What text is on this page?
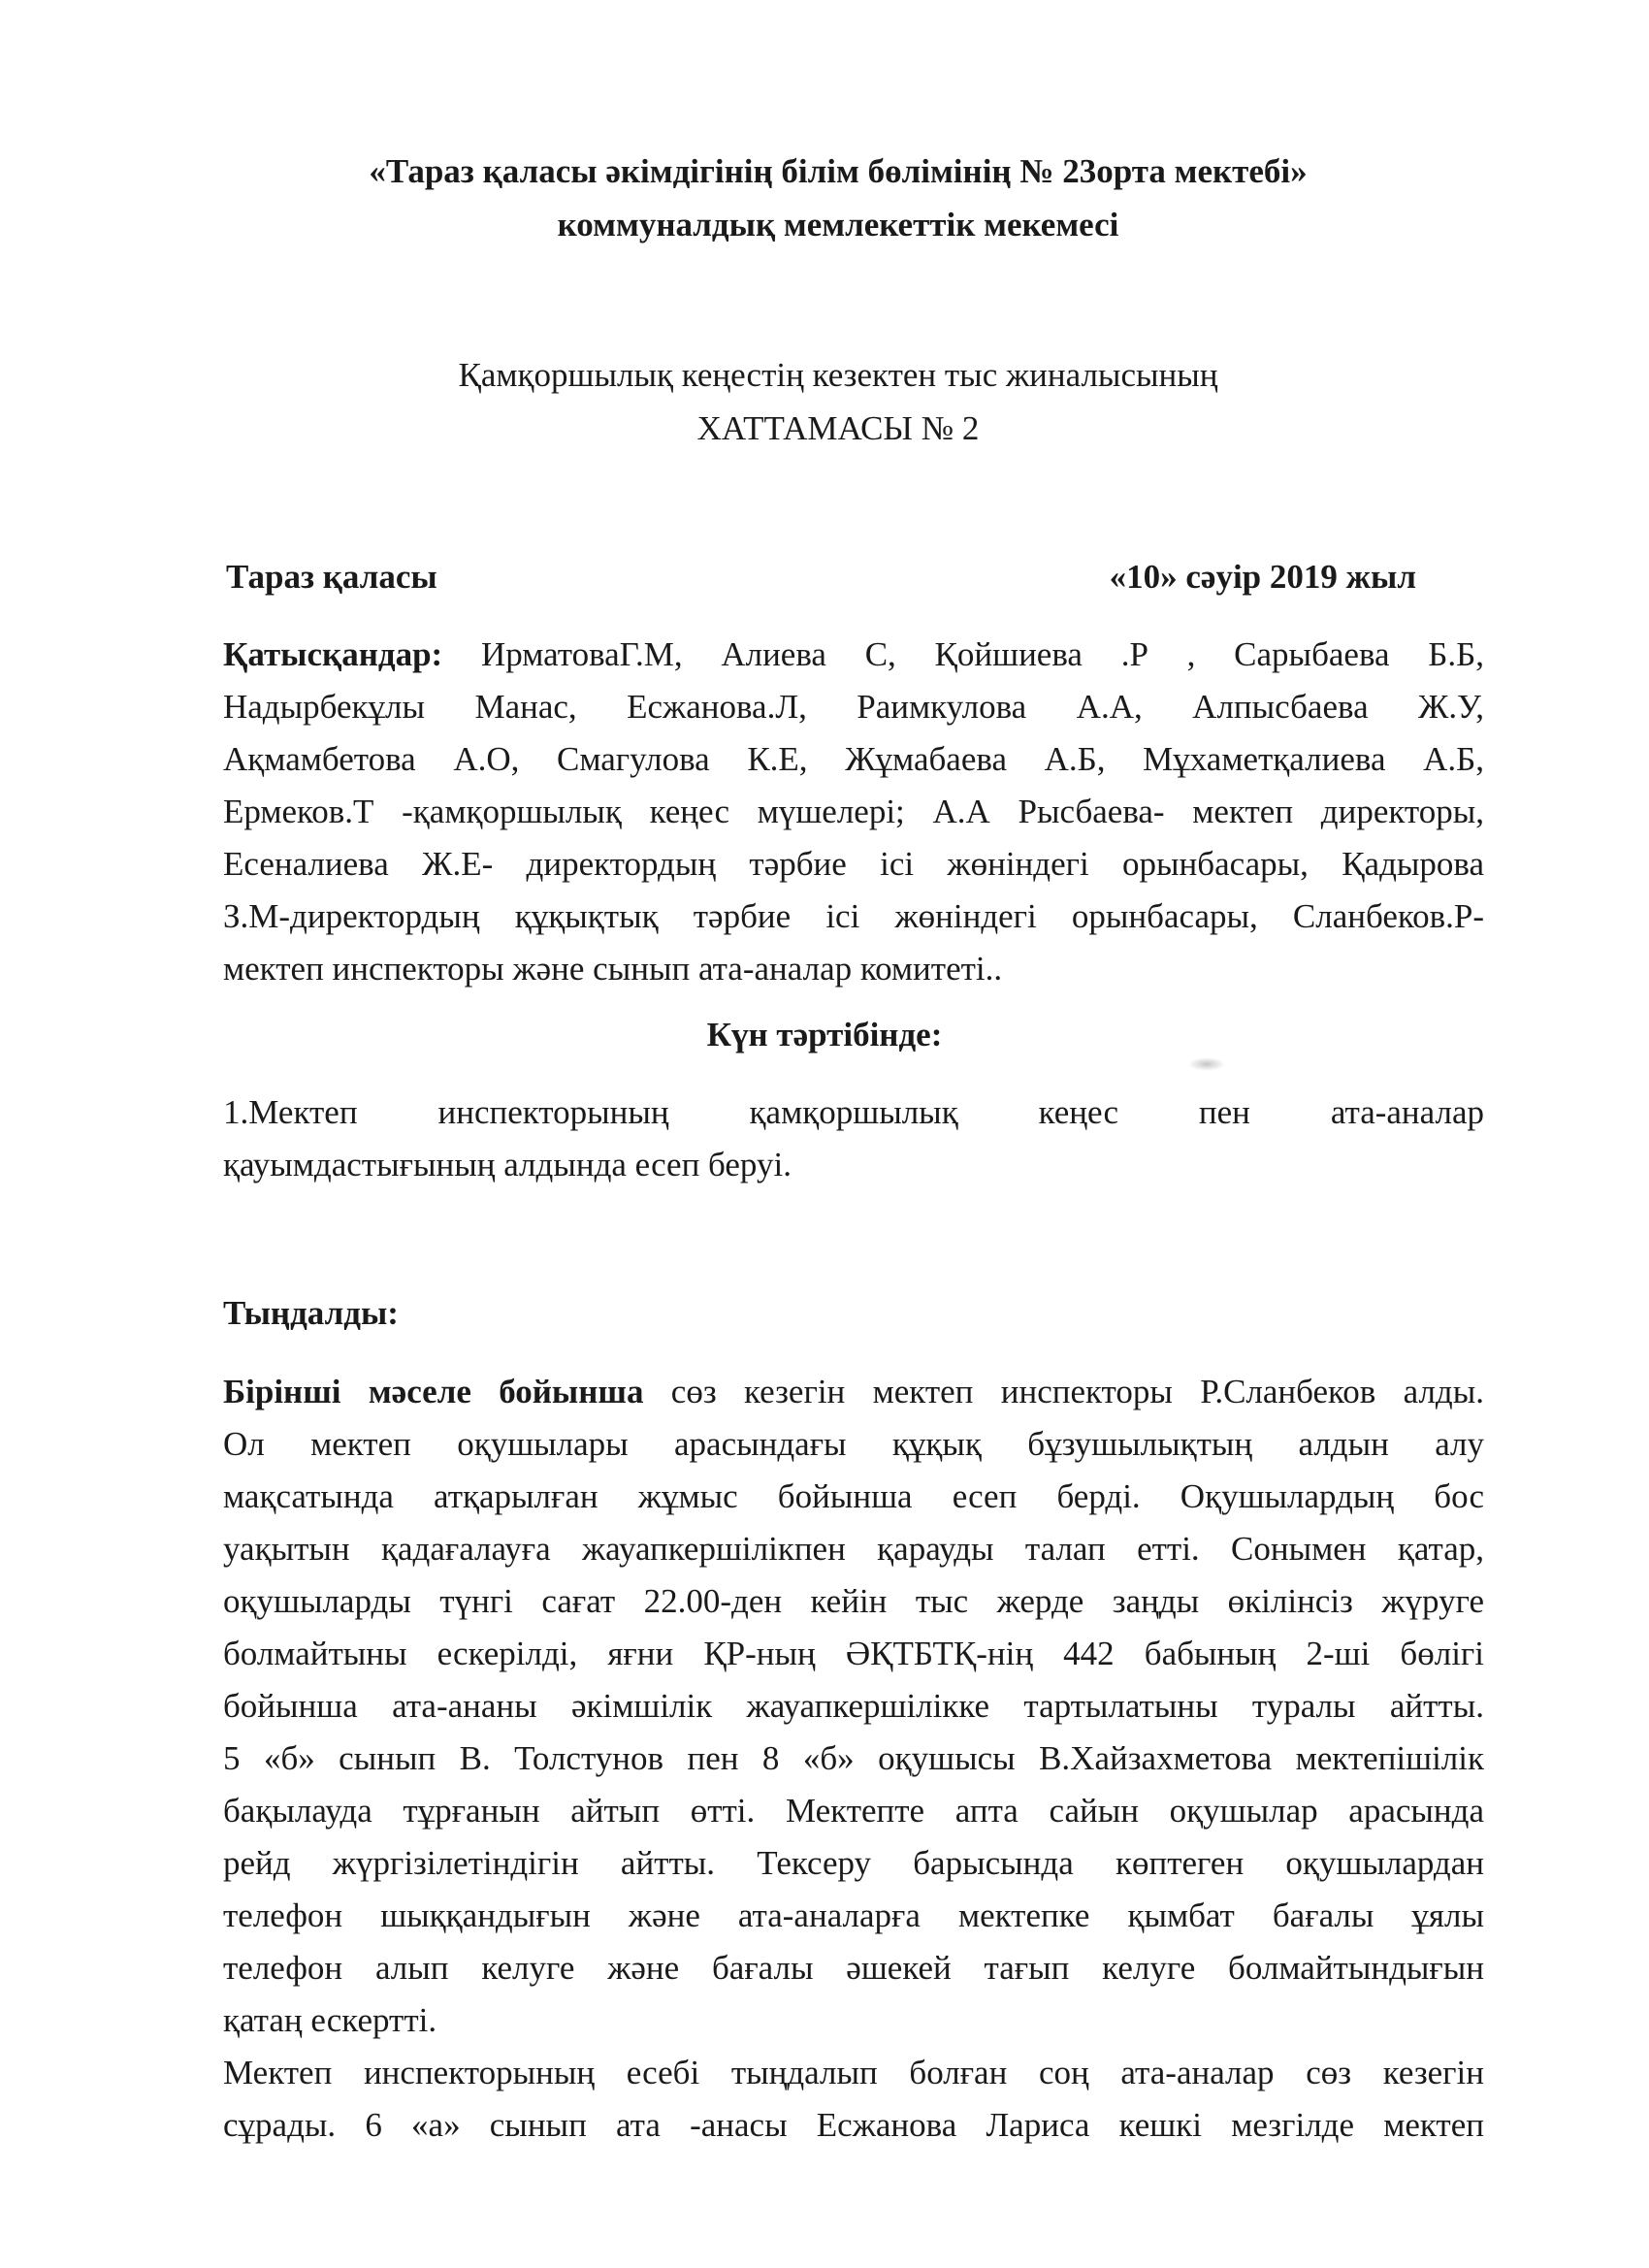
«Тараз қаласы әкімдігінің білім бөлімінің № 23орта мектебі»
коммуналдық мемлекеттік мекемесі
Қамқоршылық кеңестің кезектен тыс жиналысының
ХАТТАМАСЫ № 2
Тараз қаласы	«10» сәуір 2019 жыл
Қатысқандар: ИрматоваГ.М, Алиева С, Қойшиева .Р , Сарыбаева Б.Б,
Надырбекұлы Манас, Есжанова.Л, Раимкулова А.А, Алпысбаева Ж.У,
Ақмамбетова А.О, Смагулова К.Е, Жұмабаева А.Б, Мұхаметқалиева А.Б,
Ермеков.Т -қамқоршылық кеңес мүшелері; А.А Рысбаева- мектеп директоры,
Есеналиева Ж.Е- директордың тәрбие ісі жөніндегі орынбасары, Қадырова
З.М-директордың құқықтық тәрбие ісі жөніндегі орынбасары, Сланбеков.Р-
мектеп инспекторы және сынып ата-аналар комитеті..
Күн тәртібінде:
1.Мектеп инспекторының қамқоршылық кеңес пен ата-аналар
қауымдастығының алдында есеп беруі.
Тыңдалды:
Бірінші мәселе бойынша сөз кезегін мектеп инспекторы Р.Сланбеков алды.
Ол мектеп оқушылары арасындағы құқық бұзушылықтың алдын алу
мақсатында атқарылған жұмыс бойынша есеп берді. Оқушылардың бос
уақытын қадағалауға жауапкершілікпен қарауды талап етті. Сонымен қатар,
оқушыларды түнгі сағат 22.00-ден кейін тыс жерде заңды өкілінсіз жүруге
болмайтыны ескерілді, яғни ҚР-ның ӘҚТБТҚ-нің 442 бабының 2-ші бөлігі
бойынша ата-ананы әкімшілік жауапкершілікке тартылатыны туралы айтты.
5 «б» сынып В. Толстунов пен 8 «б» оқушысы В.Хайзахметова мектепішілік
бақылауда тұрғанын айтып өтті. Мектепте апта сайын оқушылар арасында
рейд жүргізілетіндігін айтты. Тексеру барысында көптеген оқушылардан
телефон шыққандығын және ата-аналарға мектепке қымбат бағалы ұялы
телефон алып келуге және бағалы әшекей тағып келуге болмайтындығын
қатаң ескертті.
Мектеп инспекторының есебі тыңдалып болған соң ата-аналар сөз кезегін
сұрады. 6 «а» сынып ата -анасы Есжанова Лариса кешкі мезгілде мектеп
